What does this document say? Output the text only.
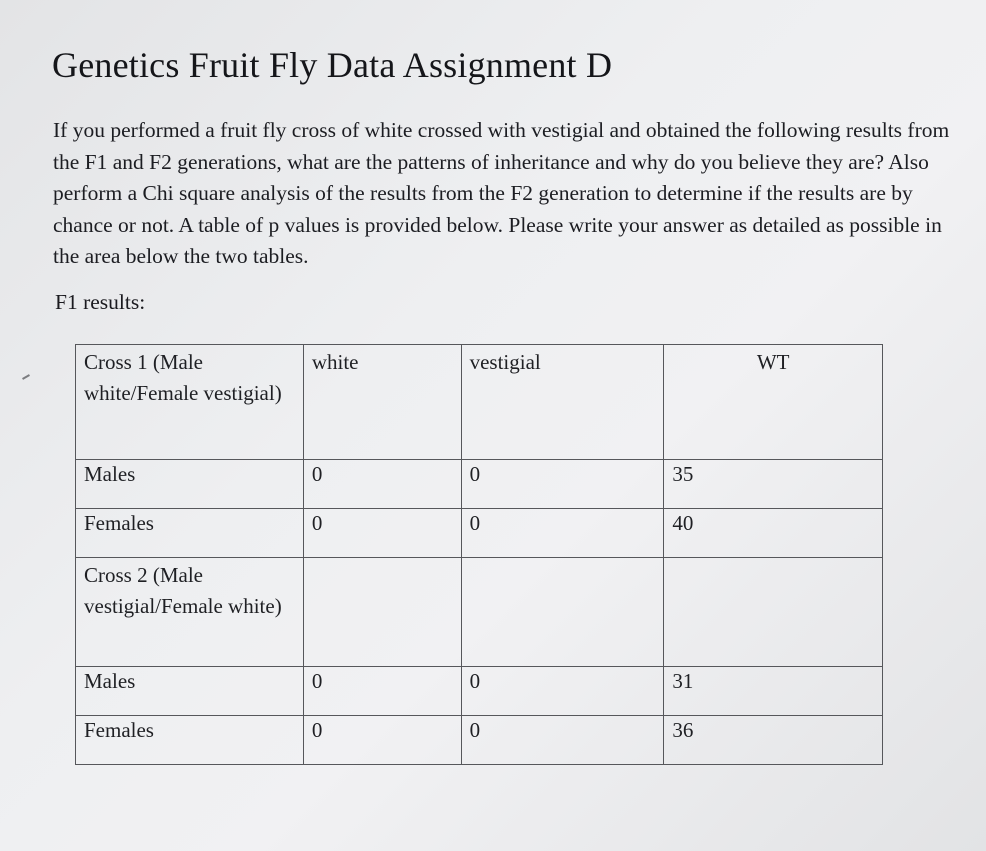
Genetics Fruit Fly Data Assignment D

If you performed a fruit fly cross of white crossed with vestigial and obtained the following results from the F1 and F2 generations, what are the patterns of inheritance and why do you believe they are? Also perform a Chi square analysis of the results from the F2 generation to determine if the results are by chance or not. A table of p values is provided below. Please write your answer as detailed as possible in the area below the two tables.

F1 results:

Cross 1 (Male white/Female vestigial)	white	vestigial	WT
Males	0	0	35
Females	0	0	40
Cross 2 (Male vestigial/Female white)			
Males	0	0	31
Females	0	0	36
